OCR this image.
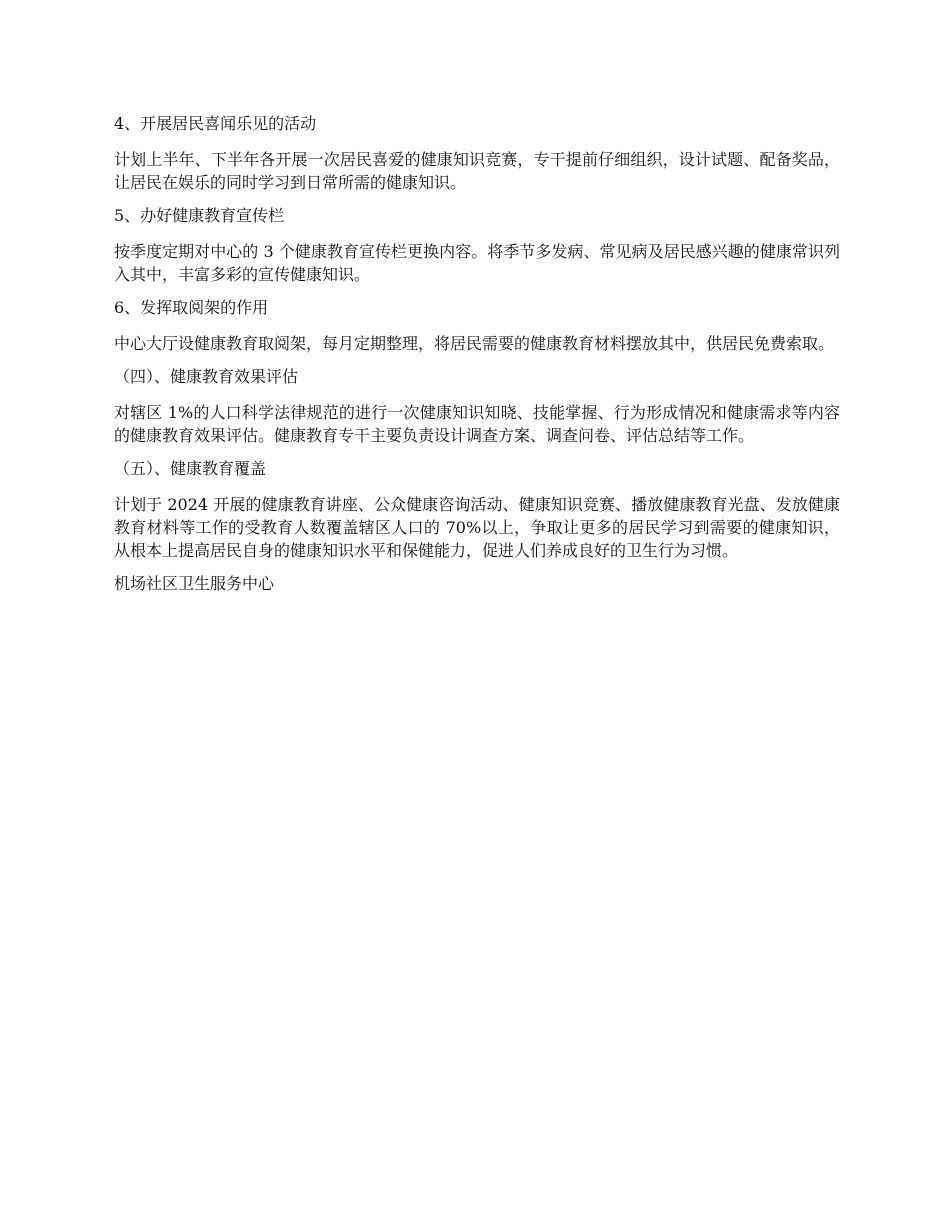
4、开展居民喜闻乐见的活动

计划上半年、下半年各开展一次居民喜爱的健康知识竞赛，专干提前仔细组织，设计试题、配备奖品，让居民在娱乐的同时学习到日常所需的健康知识。

5、办好健康教育宣传栏

按季度定期对中心的 3 个健康教育宣传栏更换内容。将季节多发病、常见病及居民感兴趣的健康常识列入其中，丰富多彩的宣传健康知识。

6、发挥取阅架的作用

中心大厅设健康教育取阅架，每月定期整理，将居民需要的健康教育材料摆放其中，供居民免费索取。

（四）、健康教育效果评估

对辖区 1%的人口科学法律规范的进行一次健康知识知晓、技能掌握、行为形成情况和健康需求等内容的健康教育效果评估。健康教育专干主要负责设计调查方案、调查问卷、评估总结等工作。

（五）、健康教育覆盖

计划于 2024 开展的健康教育讲座、公众健康咨询活动、健康知识竞赛、播放健康教育光盘、发放健康教育材料等工作的受教育人数覆盖辖区人口的 70%以上，争取让更多的居民学习到需要的健康知识，从根本上提高居民自身的健康知识水平和保健能力，促进人们养成良好的卫生行为习惯。

机场社区卫生服务中心
